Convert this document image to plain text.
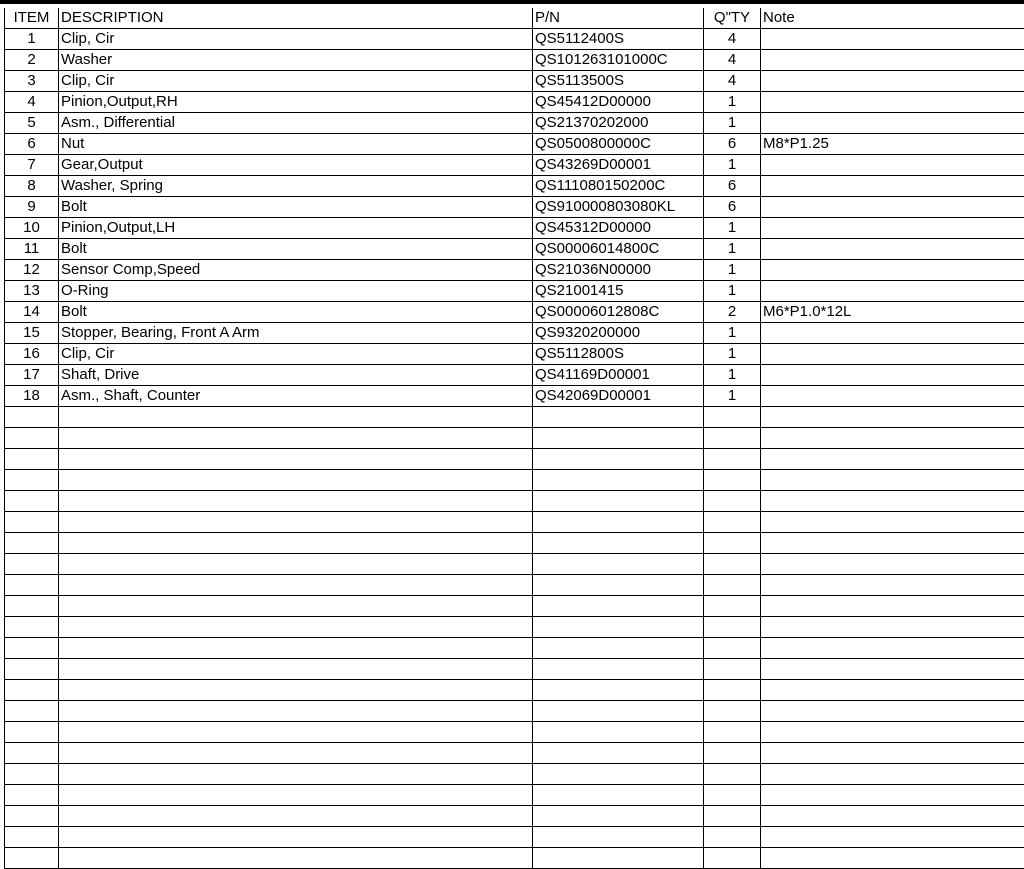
ITEM	DESCRIPTION	P/N	Q"TY	Note
1	Clip, Cir	QS5112400S	4	
2	Washer	QS101263101000C	4	
3	Clip, Cir	QS5113500S	4	
4	Pinion,Output,RH	QS45412D00000	1	
5	Asm., Differential	QS21370202000	1	
6	Nut	QS0500800000C	6	M8*P1.25
7	Gear,Output	QS43269D00001	1	
8	Washer, Spring	QS111080150200C	6	
9	Bolt	QS910000803080KL	6	
10	Pinion,Output,LH	QS45312D00000	1	
11	Bolt	QS00006014800C	1	
12	Sensor Comp,Speed	QS21036N00000	1	
13	O-Ring	QS21001415	1	
14	Bolt	QS00006012808C	2	M6*P1.0*12L
15	Stopper, Bearing, Front A Arm	QS9320200000	1	
16	Clip, Cir	QS5112800S	1	
17	Shaft, Drive	QS41169D00001	1	
18	Asm., Shaft, Counter	QS42069D00001	1	
